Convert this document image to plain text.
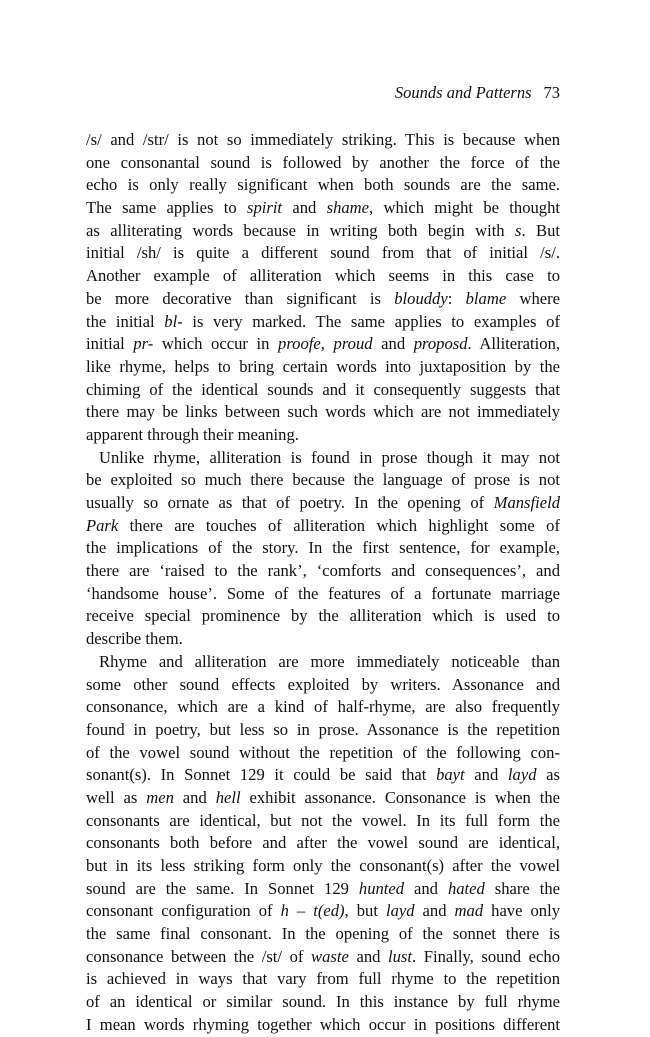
Sounds and Patterns 73
/s/ and /str/ is not so immediately striking. This is because when
one consonantal sound is followed by another the force of the
echo is only really significant when both sounds are the same.
The same applies to spirit and shame, which might be thought
as alliterating words because in writing both begin with s. But
initial /sh/ is quite a different sound from that of initial /s/.
Another example of alliteration which seems in this case to
be more decorative than significant is blouddy: blame where
the initial bl- is very marked. The same applies to examples of
initial pr- which occur in proofe, proud and proposd. Alliteration,
like rhyme, helps to bring certain words into juxtaposition by the
chiming of the identical sounds and it consequently suggests that
there may be links between such words which are not immediately
apparent through their meaning.
Unlike rhyme, alliteration is found in prose though it may not
be exploited so much there because the language of prose is not
usually so ornate as that of poetry. In the opening of Mansfield
Park there are touches of alliteration which highlight some of
the implications of the story. In the first sentence, for example,
there are ‘raised to the rank’, ‘comforts and consequences’, and
‘handsome house’. Some of the features of a fortunate marriage
receive special prominence by the alliteration which is used to
describe them.
Rhyme and alliteration are more immediately noticeable than
some other sound effects exploited by writers. Assonance and
consonance, which are a kind of half-rhyme, are also frequently
found in poetry, but less so in prose. Assonance is the repetition
of the vowel sound without the repetition of the following con-
sonant(s). In Sonnet 129 it could be said that bayt and layd as
well as men and hell exhibit assonance. Consonance is when the
consonants are identical, but not the vowel. In its full form the
consonants both before and after the vowel sound are identical,
but in its less striking form only the consonant(s) after the vowel
sound are the same. In Sonnet 129 hunted and hated share the
consonant configuration of h – t(ed), but layd and mad have only
the same final consonant. In the opening of the sonnet there is
consonance between the /st/ of waste and lust. Finally, sound echo
is achieved in ways that vary from full rhyme to the repetition
of an identical or similar sound. In this instance by full rhyme
I mean words rhyming together which occur in positions different
